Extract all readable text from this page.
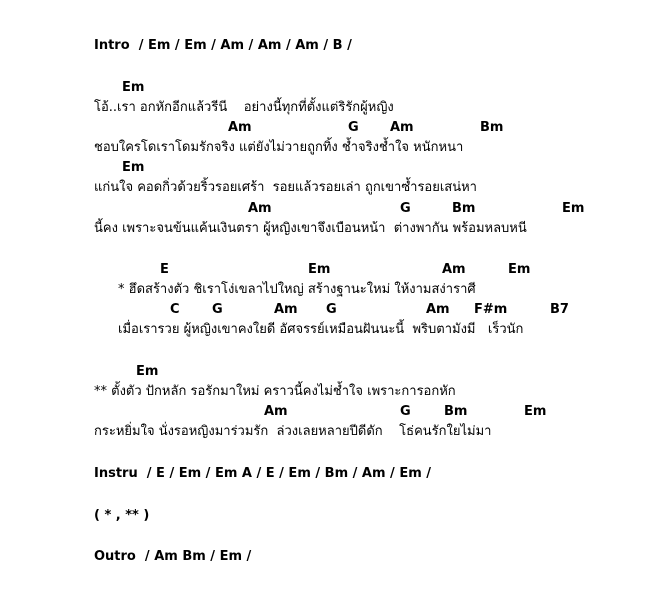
Intro  / Em / Em / Am / Am / Am / B /
Em
โอ้..เรา อกหักอีกแล้วรีนี    อย่างนี้ทุกที่ตั้งแต่ริรักผู้หญิง
Am	G Am	Bm
ชอบใครโดเราโดมรักจริง แต่ยังไม่วายถูกทิ้ง ช้ำจริงช้ำใจ หนักหนา
Em
แก่นใจ คอดกิ่วด้วยริ้วรอยเศร้า  รอยแล้วรอยเล่า ถูกเขาซ้ำรอยเสน่หา
Am	G	Bm	Em
นี้คง เพราะจนข้นแค้นเงินตรา ผู้หญิงเขาจึงเบือนหน้า  ต่างพากัน พร้อมหลบหนี
E	Em	Am	Em
* ฮึดสร้างตัว ชิเราโง่เขลาไปใหญ่ สร้างฐานะใหม่ ให้งามสง่าราศี
C G	Am G	Am F#m	B7
เมื่อเรารวย ผู้หญิงเขาคงใยดี อัศจรรย์เหมือนฝันนะนี้  พริบตามังมี   เร็วนัก
Em
** ตั้งตัว ปักหลัก รอรักมาใหม่ คราวนี้คงไม่ช้ำใจ เพราะการอกหัก
Am	G	Bm	Em
กระหยิ่มใจ นั่งรอหญิงมาร่วมรัก  ล่วงเลยหลายปีดีดัก    โธ่คนรักใยไม่มา
Instru  / E / Em / Em A / E / Em / Bm / Am / Em /
( * , ** )
Outro  / Am Bm / Em /
